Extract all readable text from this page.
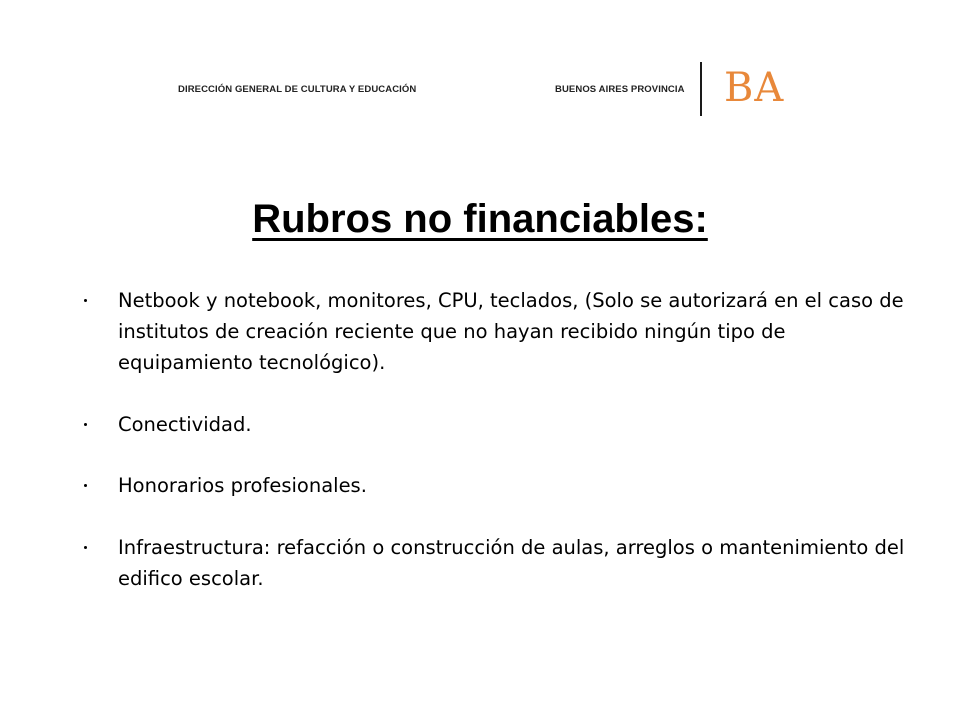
DIRECCIÓN GENERAL DE CULTURA Y EDUCACIÓN	BUENOS AIRES PROVINCIA BA
Rubros no financiables:
Netbook y notebook, monitores, CPU, teclados, (Solo se autorizará en el caso de institutos de creación reciente que no hayan recibido ningún tipo de equipamiento tecnológico).
Conectividad.
Honorarios profesionales.
Infraestructura: refacción o construcción de aulas, arreglos o mantenimiento del edifico escolar.
